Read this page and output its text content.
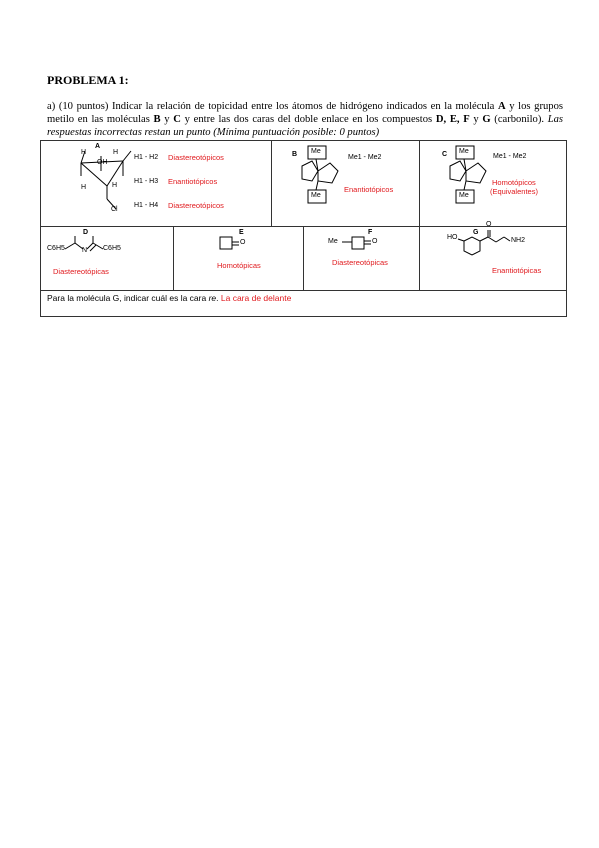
PROBLEMA 1:
a) (10 puntos) Indicar la relación de topicidad entre los átomos de hidrógeno indicados en la molécula A y los grupos metilo en las moléculas B y C y entre las dos caras del doble enlace en los compuestos D, E, F y G (carbonilo). Las respuestas incorrectas restan un punto (Mínima puntuación posible: 0 puntos)
A
H
OH
H
H	H
Cl
H1 - H2 Diastereotópicos
H1 - H3 Enantiotópicos
H1 - H4 Diastereotópicos
B Me
Me
Me1 - Me2
Enantiotópicos
C Me
Me
Me1 - Me2
Homotópicos
(Equivalentes)
D
C6H5 N C6H5
Diastereotópicas
E
O
Homotópicas
F
Me	O
Diastereotópicas
G
HO
O
NH2
Enantiotópicas
Para la molécula G, indicar cuál es la cara re. La cara de delante
